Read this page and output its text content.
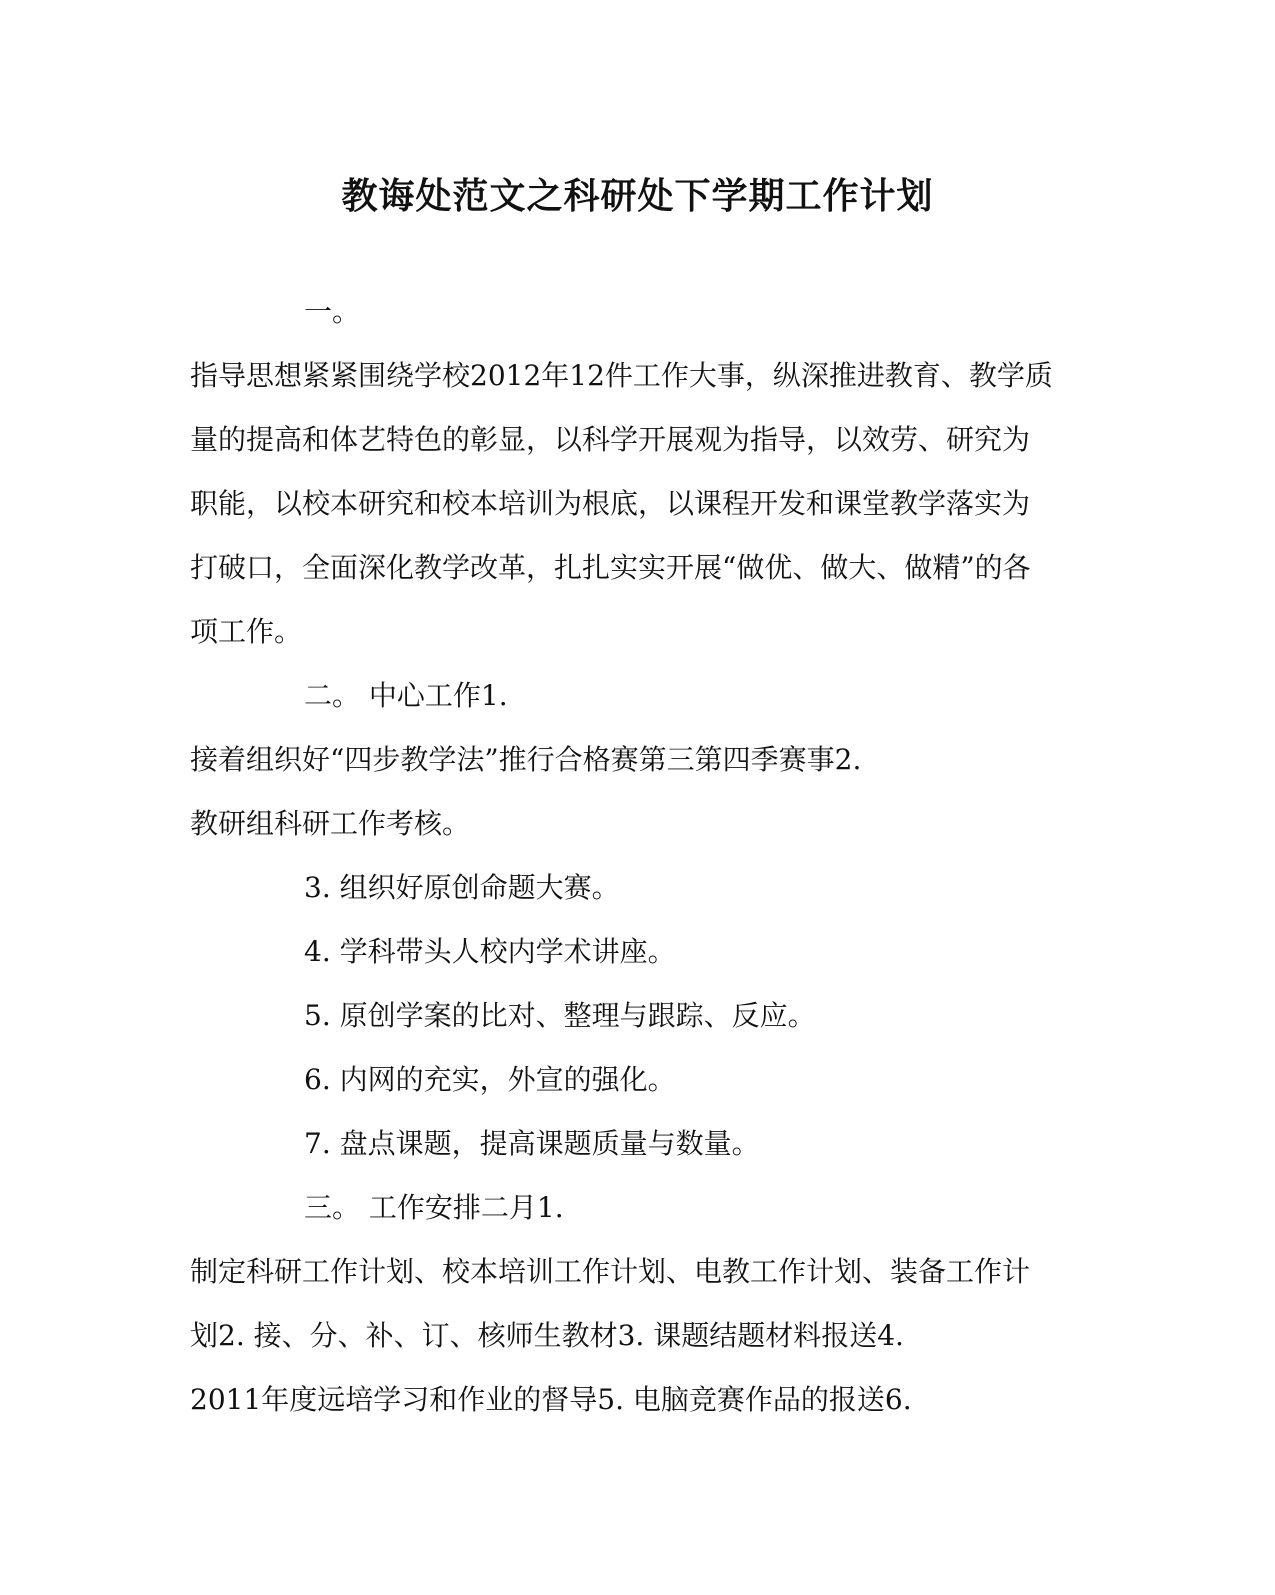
教诲处范文之科研处下学期工作计划
一。
指导思想紧紧围绕学校2012年12件工作大事，纵深推进教育、教学质
量的提高和体艺特色的彰显，以科学开展观为指导，以效劳、研究为
职能，以校本研究和校本培训为根底，以课程开发和课堂教学落实为
打破口，全面深化教学改革，扎扎实实开展“做优、做大、做精”的各
项工作。
二。 中心工作1.
接着组织好“四步教学法”推行合格赛第三第四季赛事2.
教研组科研工作考核。
3. 组织好原创命题大赛。
4. 学科带头人校内学术讲座。
5. 原创学案的比对、整理与跟踪、反应。
6. 内网的充实，外宣的强化。
7. 盘点课题，提高课题质量与数量。
三。 工作安排二月1.
制定科研工作计划、校本培训工作计划、电教工作计划、装备工作计
划2. 接、分、补、订、核师生教材3. 课题结题材料报送4.
2011年度远培学习和作业的督导5. 电脑竞赛作品的报送6.
